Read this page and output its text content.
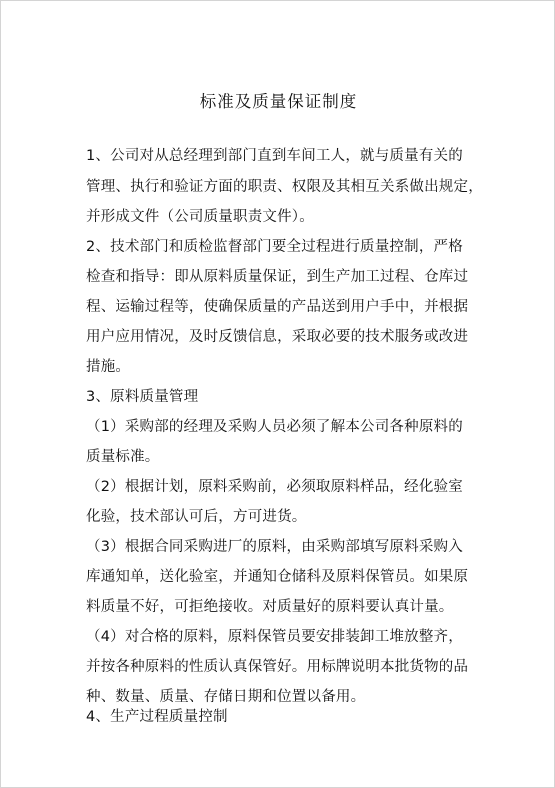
标准及质量保证制度
1、公司对从总经理到部门直到车间工人，就与质量有关的
管理、执行和验证方面的职责、权限及其相互关系做出规定，
并形成文件（公司质量职责文件）。
2、技术部门和质检监督部门要全过程进行质量控制，严格
检查和指导：即从原料质量保证，到生产加工过程、仓库过
程、运输过程等，使确保质量的产品送到用户手中，并根据
用户应用情况，及时反馈信息，采取必要的技术服务或改进
措施。
3、原料质量管理
（1）采购部的经理及采购人员必须了解本公司各种原料的
质量标准。
（2）根据计划，原料采购前，必须取原料样品，经化验室
化验，技术部认可后，方可进货。
（3）根据合同采购进厂的原料，由采购部填写原料采购入
库通知单，送化验室，并通知仓储科及原料保管员。如果原
料质量不好，可拒绝接收。对质量好的原料要认真计量。
（4）对合格的原料，原料保管员要安排装卸工堆放整齐，
并按各种原料的性质认真保管好。用标牌说明本批货物的品
种、数量、质量、存储日期和位置以备用。
4、生产过程质量控制
